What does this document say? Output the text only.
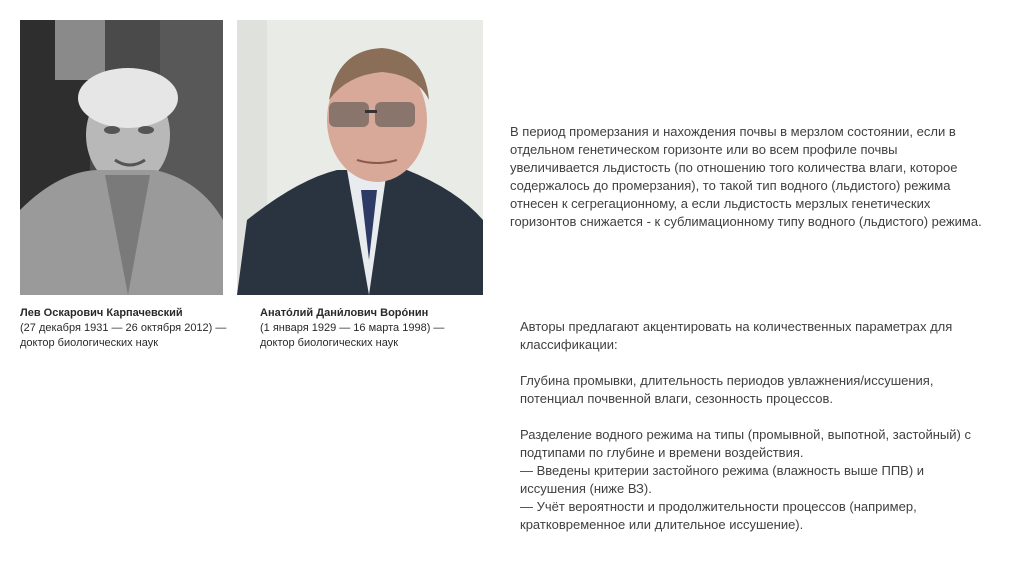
Лев Оскарович Карпачевский
(27 декабря 1931 — 26 октября 2012) — доктор биологических наук
Анато́лий Дани́лович Воро́нин
(1 января 1929 — 16 марта 1998) — доктор биологических наук
В период промерзания и нахождения почвы в мерзлом состоянии, если в отдельном генетическом горизонте или во всем профиле почвы увеличивается льдистость (по отношению того количества влаги, которое содержалось до промерзания), то такой тип водного (льдистого) режима отнесен к сегрегационному, а если льдистость мерзлых генетических горизонтов снижается - к сублимационному типу водного (льдистого) режима.

Авторы предлагают акцентировать на количественных параметрах для классификации:

Глубина промывки, длительность периодов увлажнения/иссушения, потенциал почвенной влаги, сезонность процессов.

Разделение водного режима на типы (промывной, выпотной, застойный) с подтипами по глубине и времени воздействия.

— Введены критерии застойного режима (влажность выше ППВ) и иссушения (ниже ВЗ).

— Учёт вероятности и продолжительности процессов (например, кратковременное или длительное иссушение).
